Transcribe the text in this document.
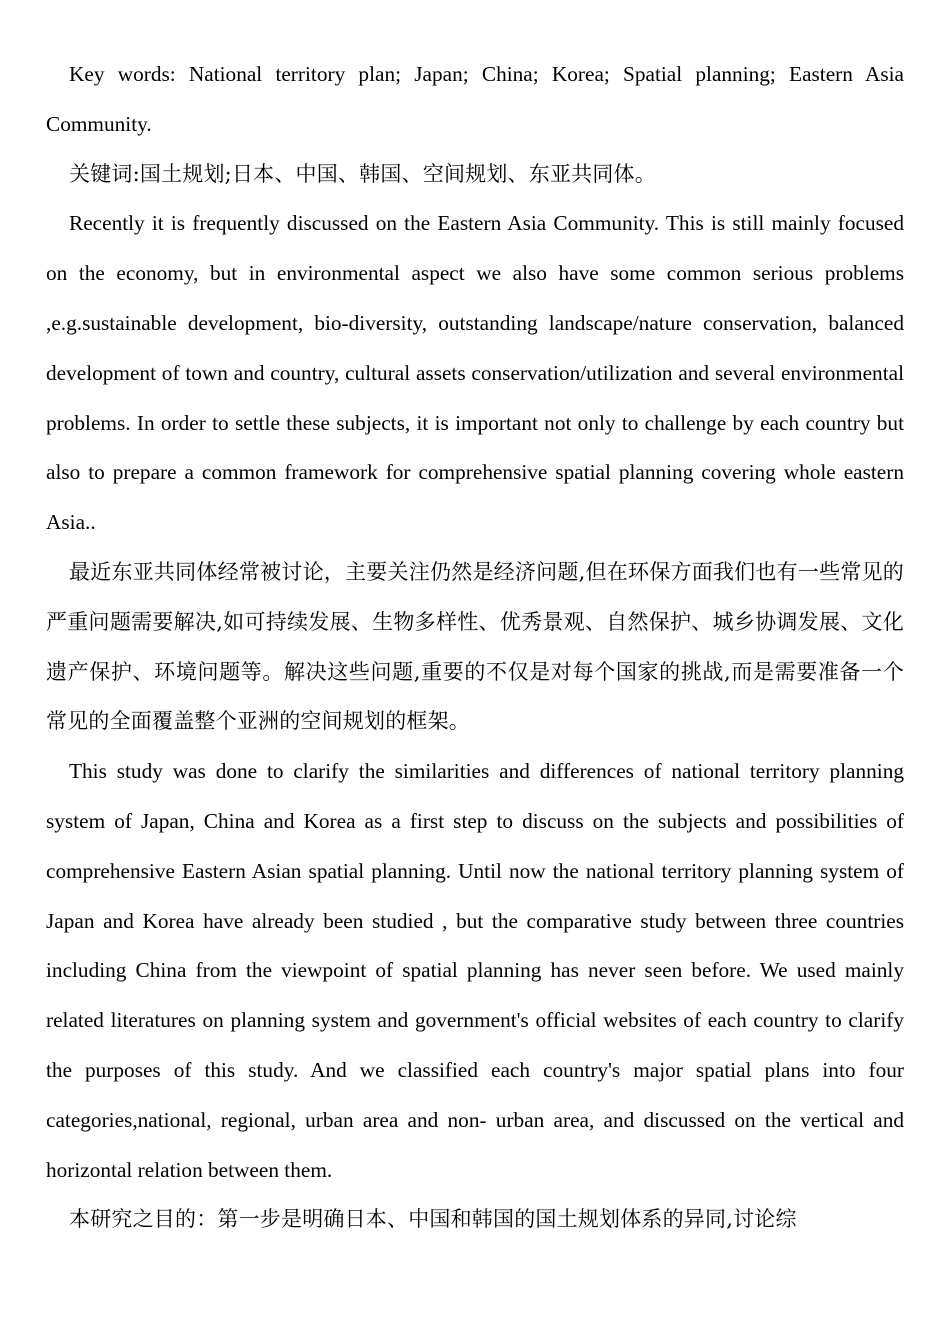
Key words: National territory plan; Japan; China; Korea; Spatial planning; Eastern Asia Community.

关键词:国土规划;日本、中国、韩国、空间规划、东亚共同体。

Recently it is frequently discussed on the Eastern Asia Community. This is still mainly focused on the economy, but in environmental aspect we also have some common serious problems ,e.g.sustainable development, bio-diversity, outstanding landscape/nature conservation, balanced development of town and country, cultural assets conservation/utilization and several environmental problems. In order to settle these subjects, it is important not only to challenge by each country but also to prepare a common framework for comprehensive spatial planning covering whole eastern Asia..

最近东亚共同体经常被讨论，主要关注仍然是经济问题,但在环保方面我们也有一些常见的严重问题需要解决,如可持续发展、生物多样性、优秀景观、自然保护、城乡协调发展、文化遗产保护、环境问题等。解决这些问题,重要的不仅是对每个国家的挑战,而是需要准备一个常见的全面覆盖整个亚洲的空间规划的框架。

This study was done to clarify the similarities and differences of national territory planning system of Japan, China and Korea as a first step to discuss on the subjects and possibilities of comprehensive Eastern Asian spatial planning. Until now the national territory planning system of Japan and Korea have already been studied , but the comparative study between three countries including China from the viewpoint of spatial planning has never seen before. We used mainly related literatures on planning system and government's official websites of each country to clarify the purposes of this study. And we classified each country's major spatial plans into four categories,national, regional, urban area and non- urban area, and discussed on the vertical and horizontal relation between them.

本研究之目的：第一步是明确日本、中国和韩国的国土规划体系的异同,讨论综
